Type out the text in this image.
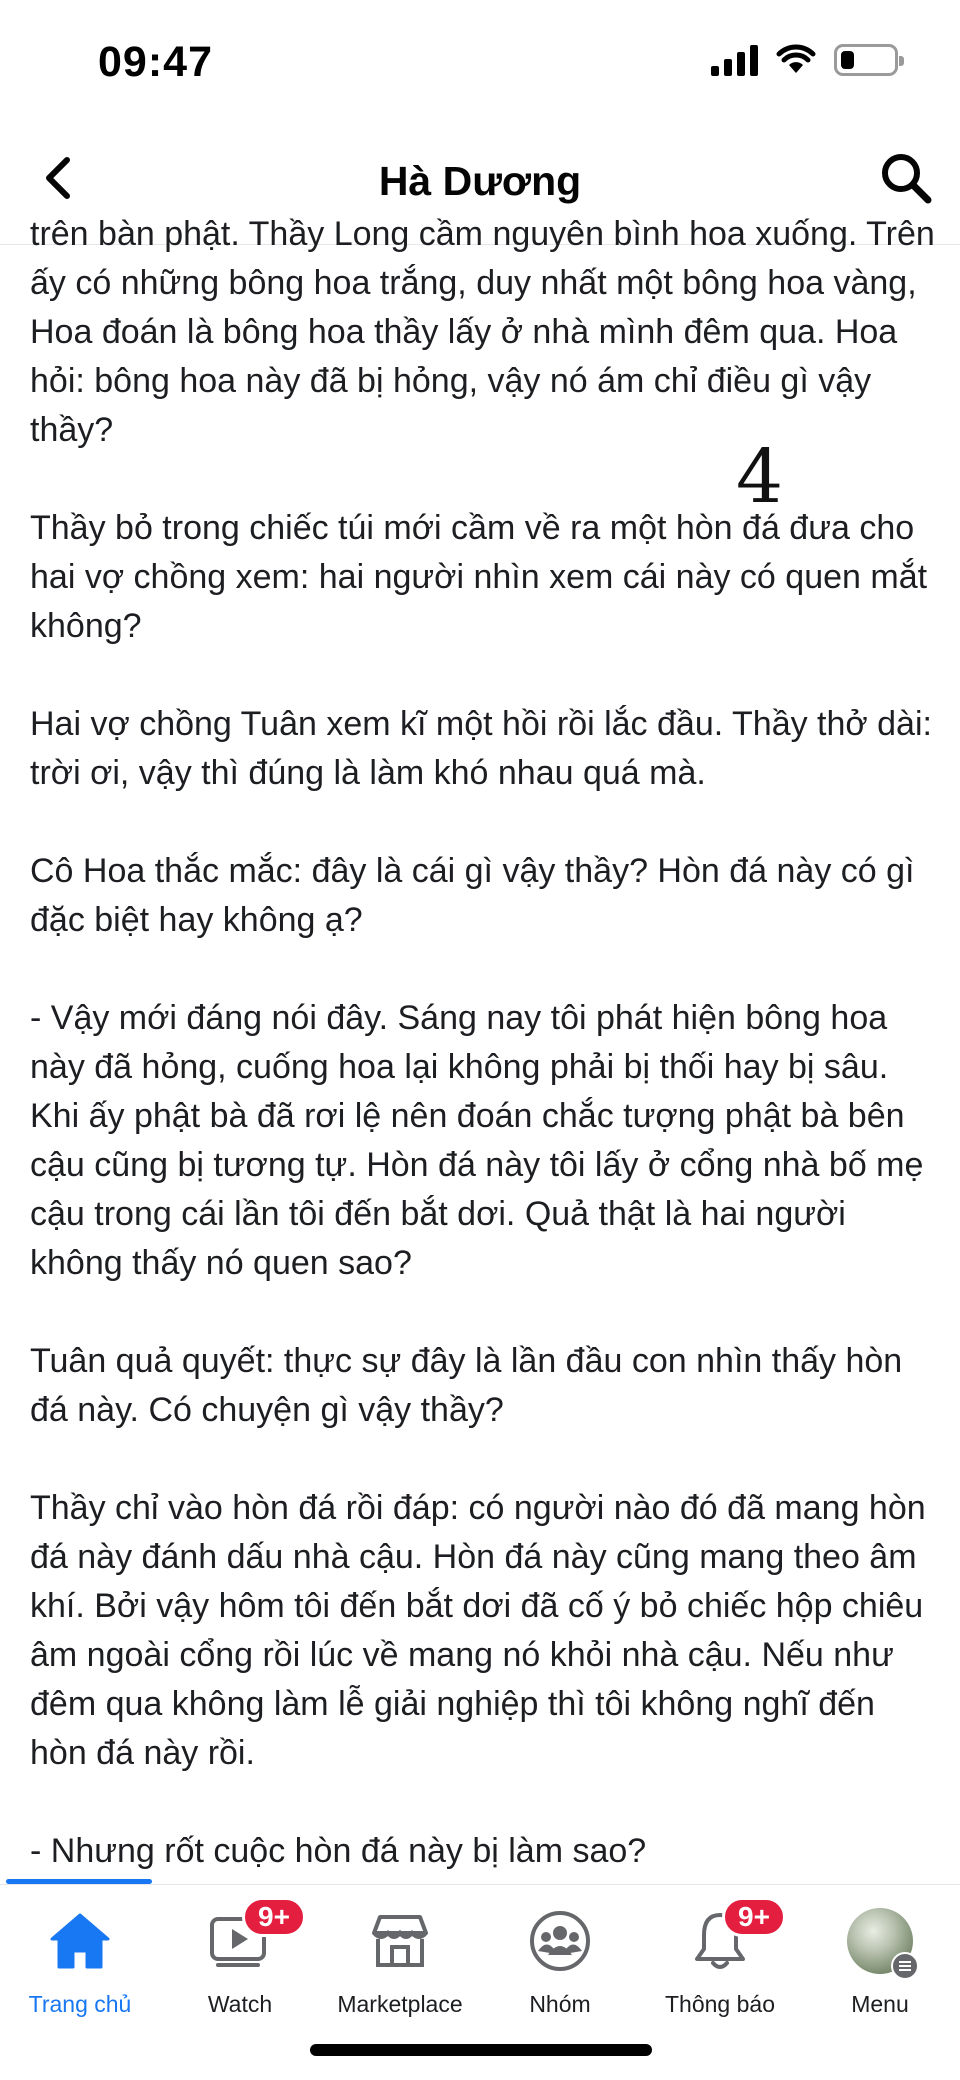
09:47
Hà Dương

trên bàn phật. Thầy Long cầm nguyên bình hoa xuống. Trên ấy có những bông hoa trắng, duy nhất một bông hoa vàng, Hoa đoán là bông hoa thầy lấy ở nhà mình đêm qua. Hoa hỏi: bông hoa này đã bị hỏng, vậy nó ám chỉ điều gì vậy thầy?

Thầy bỏ trong chiếc túi mới cầm về ra một hòn đá đưa cho hai vợ chồng xem: hai người nhìn xem cái này có quen mắt không?

Hai vợ chồng Tuân xem kĩ một hồi rồi lắc đầu. Thầy thở dài: trời ơi, vậy thì đúng là làm khó nhau quá mà.

Cô Hoa thắc mắc: đây là cái gì vậy thầy? Hòn đá này có gì đặc biệt hay không ạ?

- Vậy mới đáng nói đây. Sáng nay tôi phát hiện bông hoa này đã hỏng, cuống hoa lại không phải bị thối hay bị sâu. Khi ấy phật bà đã rơi lệ nên đoán chắc tượng phật bà bên cậu cũng bị tương tự. Hòn đá này tôi lấy ở cổng nhà bố mẹ cậu trong cái lần tôi đến bắt dơi. Quả thật là hai người không thấy nó quen sao?

Tuân quả quyết: thực sự đây là lần đầu con nhìn thấy hòn đá này. Có chuyện gì vậy thầy?

Thầy chỉ vào hòn đá rồi đáp: có người nào đó đã mang hòn đá này đánh dấu nhà cậu. Hòn đá này cũng mang theo âm khí. Bởi vậy hôm tôi đến bắt dơi đã cố ý bỏ chiếc hộp chiêu âm ngoài cổng rồi lúc về mang nó khỏi nhà cậu. Nếu như đêm qua không làm lễ giải nghiệp thì tôi không nghĩ đến hòn đá này rồi.

- Nhưng rốt cuộc hòn đá này bị làm sao?

4
Trang chủ
9+
Watch	Marketplace	Nhóm
9+
Thông báo	Menu
